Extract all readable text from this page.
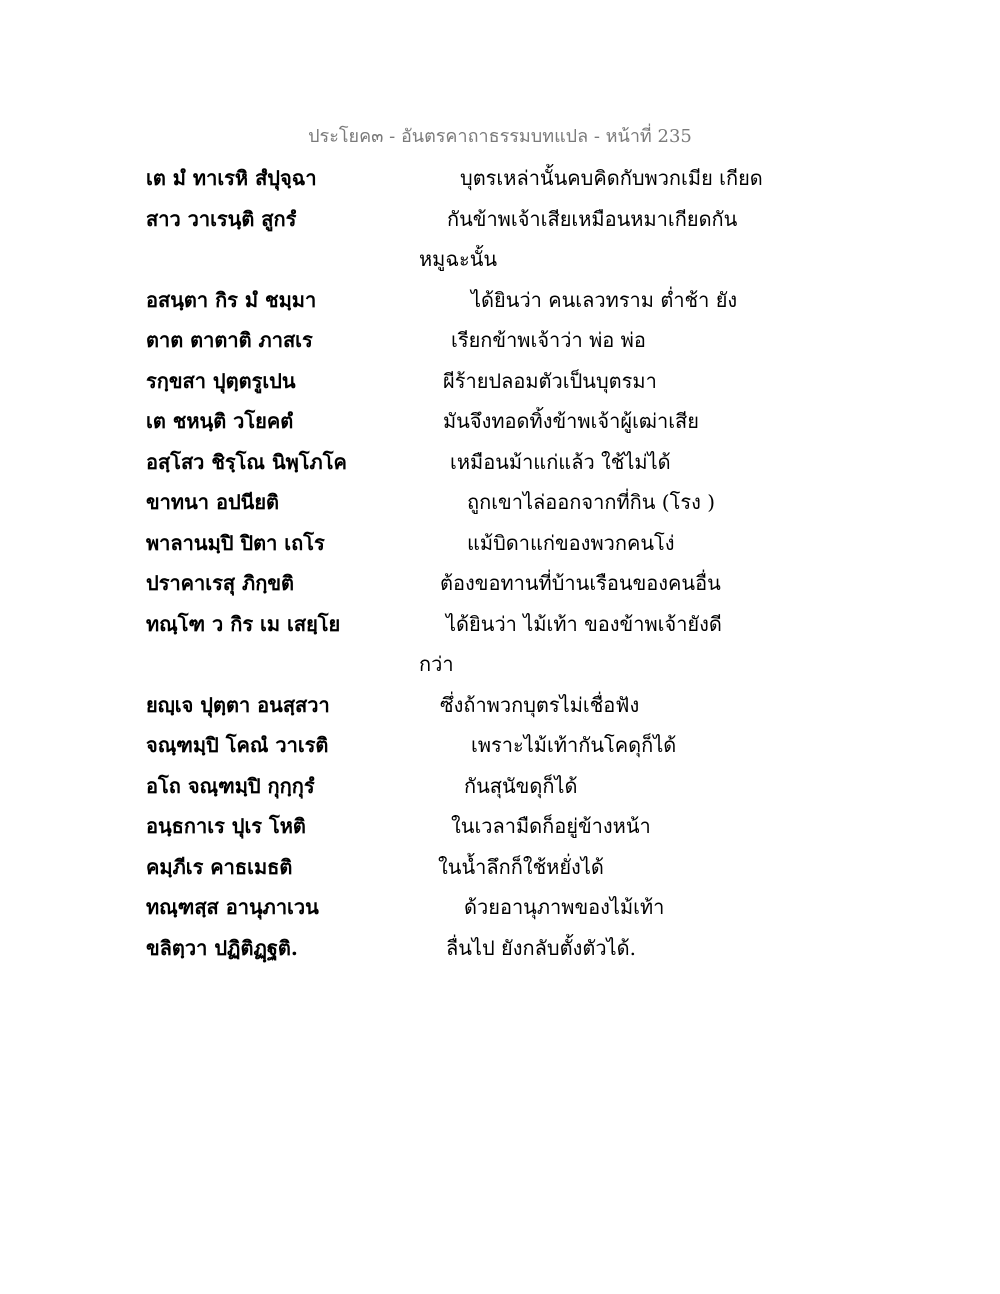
ประโยค๓ - อันตรคาถาธรรมบทแปล - หน้าที่ 235
เต มํ ทาเรหิ สํปุจฺฉา	บุตรเหล่านั้นคบคิดกับพวกเมีย เกียด
สาว วาเรนฺติ สูกรํ	กันข้าพเจ้าเสียเหมือนหมาเกียดกัน
หมูฉะนั้น
อสนฺตา กิร มํ ชมฺมา	ได้ยินว่า คนเลวทราม ต่ำช้า ยัง
ตาต ตาตาติ ภาสเร	เรียกข้าพเจ้าว่า พ่อ พ่อ
รกฺขสา ปุตฺตรูเปน	ผีร้ายปลอมตัวเป็นบุตรมา
เต ชหนฺติ วโยคตํ	มันจึงทอดทิ้งข้าพเจ้าผู้เฒ่าเสีย
อสฺโสว ชิรฺโณ นิพฺโภโค	เหมือนม้าแก่แล้ว ใช้ไม่ได้
ขาทนา อปนียติ	ถูกเขาไล่ออกจากที่กิน (โรง )
พาลานมฺปิ ปิตา เถโร	แม้บิดาแก่ของพวกคนโง่
ปราคาเรสุ ภิกฺขติ	ต้องขอทานที่บ้านเรือนของคนอื่น
ทณฺโฑ ว กิร เม เสยฺโย	ได้ยินว่า ไม้เท้า ของข้าพเจ้ายังดี
กว่า
ยญฺเจ ปุตฺตา อนสฺสวา	ซึ่งถ้าพวกบุตรไม่เชื่อฟัง
จณฺฑมฺปิ โคณํ วาเรติ	เพราะไม้เท้ากันโคดุก็ได้
อโถ จณฺฑมฺปิ กุกฺกุรํ	กันสุนัขดุก็ได้
อนฺธกาเร ปุเร โหติ	ในเวลามืดก็อยู่ข้างหน้า
คมฺภีเร คาธเมธติ	ในน้ำลึกก็ใช้หยั่งได้
ทณฺฑสฺส อานุภาเวน	ด้วยอานุภาพของไม้เท้า
ขลิตฺวา ปฏิติฏฺฐติ.	ลื่นไป ยังกลับตั้งตัวได้.
